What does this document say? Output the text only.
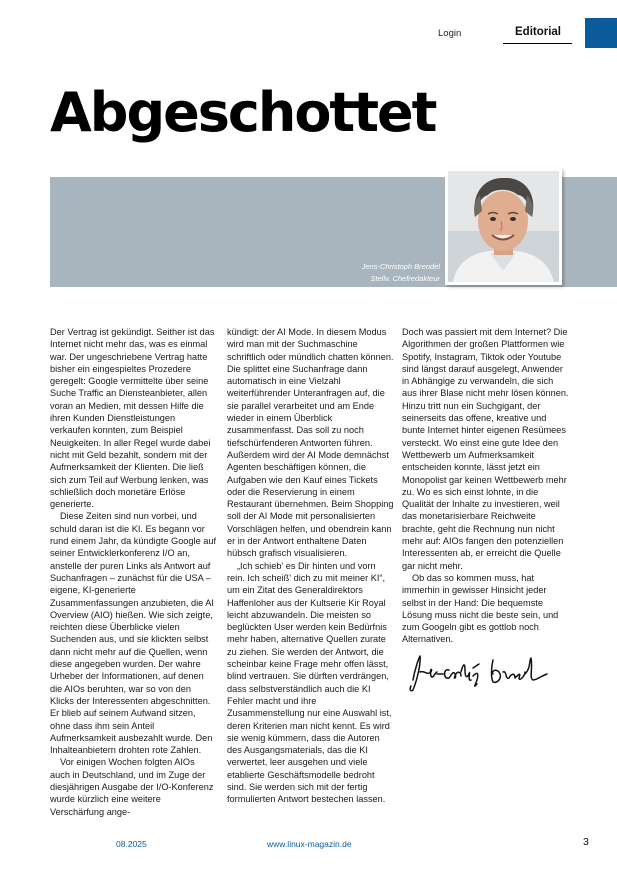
Login	Editorial
Abgeschottet
Jens-Christoph Brendel
Stellv. Chefredakteur

Der Vertrag ist gekündigt. Seither ist das Internet nicht mehr das, was es einmal war. Der ungeschriebene Vertrag hatte bisher ein eingespieltes Prozedere geregelt: Google vermittelte über seine Suche Traffic an Diensteanbieter, allen voran an Medien, mit dessen Hilfe die ihren Kunden Dienstleistungen verkaufen konnten, zum Beispiel Neuigkeiten. In aller Regel wurde dabei nicht mit Geld bezahlt, sondern mit der Aufmerksamkeit der Klienten. Die ließ sich zum Teil auf Werbung lenken, was schließlich doch monetäre Erlöse generierte.

Diese Zeiten sind nun vorbei, und schuld daran ist die KI. Es begann vor rund einem Jahr, da kündigte Google auf seiner Entwicklerkonferenz I/O an, anstelle der puren Links als Antwort auf Suchanfragen – zunächst für die USA – eigene, KI-generierte Zusammenfassungen anzubieten, die AI Overview (AIO) hießen. Wie sich zeigte, reichten diese Überblicke vielen Suchenden aus, und sie klickten selbst dann nicht mehr auf die Quellen, wenn diese angegeben wurden. Der wahre Urheber der Informationen, auf denen die AIOs beruhten, war so von den Klicks der Interessenten abgeschnitten. Er blieb auf seinem Aufwand sitzen, ohne dass ihm sein Anteil Aufmerksamkeit ausbezahlt wurde. Den Inhalteanbietern drohten rote Zahlen.

Vor einigen Wochen folgten AIOs auch in Deutschland, und im Zuge der diesjährigen Ausgabe der I/O-Konferenz wurde kürzlich eine weitere Verschärfung ange-

kündigt: der AI Mode. In diesem Modus wird man mit der Suchmaschine schriftlich oder mündlich chatten können. Die splittet eine Suchanfrage dann automatisch in eine Vielzahl weiterführender Unteranfragen auf, die sie parallel verarbeitet und am Ende wieder in einem Überblick zusammenfasst. Das soll zu noch tiefschürfenderen Antworten führen. Außerdem wird der AI Mode demnächst Agenten beschäftigen können, die Aufgaben wie den Kauf eines Tickets oder die Reservierung in einem Restaurant übernehmen. Beim Shopping soll der AI Mode mit personalisierten Vorschlägen helfen, und obendrein kann er in der Antwort enthaltene Daten hübsch grafisch visualisieren.

„Ich schieb' es Dir hinten und vorn rein. Ich scheiß' dich zu mit meiner KI“, um ein Zitat des Generaldirektors Haffenloher aus der Kultserie Kir Royal leicht abzuwandeln. Die meisten so beglückten User werden kein Bedürfnis mehr haben, alternative Quellen zurate zu ziehen. Sie werden der Antwort, die scheinbar keine Frage mehr offen lässt, blind vertrauen. Sie dürften verdrängen, dass selbstverständlich auch die KI Fehler macht und ihre Zusammenstellung nur eine Auswahl ist, deren Kriterien man nicht kennt. Es wird sie wenig kümmern, dass die Autoren des Ausgangsmaterials, das die KI verwertet, leer ausgehen und viele etablierte Geschäftsmodelle bedroht sind. Sie werden sich mit der fertig formulierten Antwort bestechen lassen.

Doch was passiert mit dem Internet? Die Algorithmen der großen Plattformen wie Spotify, Instagram, Tiktok oder Youtube sind längst darauf ausgelegt, Anwender in Abhängige zu verwandeln, die sich aus ihrer Blase nicht mehr lösen können. Hinzu tritt nun ein Suchgigant, der seinerseits das offene, kreative und bunte Internet hinter eigenen Resümees versteckt. Wo einst eine gute Idee den Wettbewerb um Aufmerksamkeit entscheiden konnte, lässt jetzt ein Monopolist gar keinen Wettbewerb mehr zu. Wo es sich einst lohnte, in die Qualität der Inhalte zu investieren, weil das monetarisierbare Reichweite brachte, geht die Rechnung nun nicht mehr auf: AIOs fangen den potenziellen Interessenten ab, er erreicht die Quelle gar nicht mehr.

Ob das so kommen muss, hat immerhin in gewisser Hinsicht jeder selbst in der Hand: Die bequemste Lösung muss nicht die beste sein, und zum Googeln gibt es gottlob noch Alternativen.

08.2025	www.linux-magazin.de	3
